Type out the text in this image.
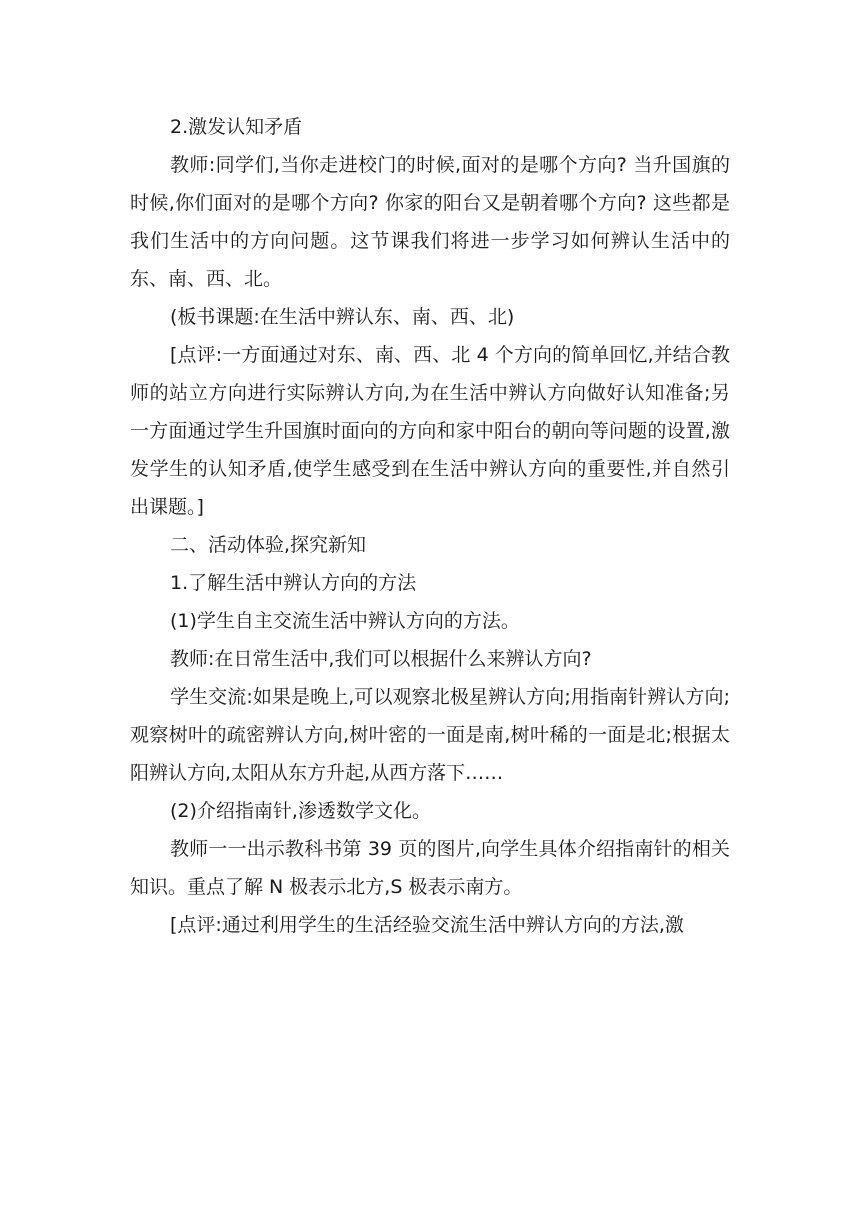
2.激发认知矛盾

教师:同学们,当你走进校门的时候,面对的是哪个方向? 当升国旗的时候,你们面对的是哪个方向? 你家的阳台又是朝着哪个方向? 这些都是我们生活中的方向问题。这节课我们将进一步学习如何辨认生活中的东、南、西、北。

(板书课题:在生活中辨认东、南、西、北)

[点评:一方面通过对东、南、西、北 4 个方向的简单回忆,并结合教师的站立方向进行实际辨认方向,为在生活中辨认方向做好认知准备;另一方面通过学生升国旗时面向的方向和家中阳台的朝向等问题的设置,激发学生的认知矛盾,使学生感受到在生活中辨认方向的重要性,并自然引出课题。]

二、活动体验,探究新知

1.了解生活中辨认方向的方法

(1)学生自主交流生活中辨认方向的方法。

教师:在日常生活中,我们可以根据什么来辨认方向?

学生交流:如果是晚上,可以观察北极星辨认方向;用指南针辨认方向;观察树叶的疏密辨认方向,树叶密的一面是南,树叶稀的一面是北;根据太阳辨认方向,太阳从东方升起,从西方落下……

(2)介绍指南针,渗透数学文化。

教师一一出示教科书第 39 页的图片,向学生具体介绍指南针的相关知识。重点了解 N 极表示北方,S 极表示南方。

[点评:通过利用学生的生活经验交流生活中辨认方向的方法,激
